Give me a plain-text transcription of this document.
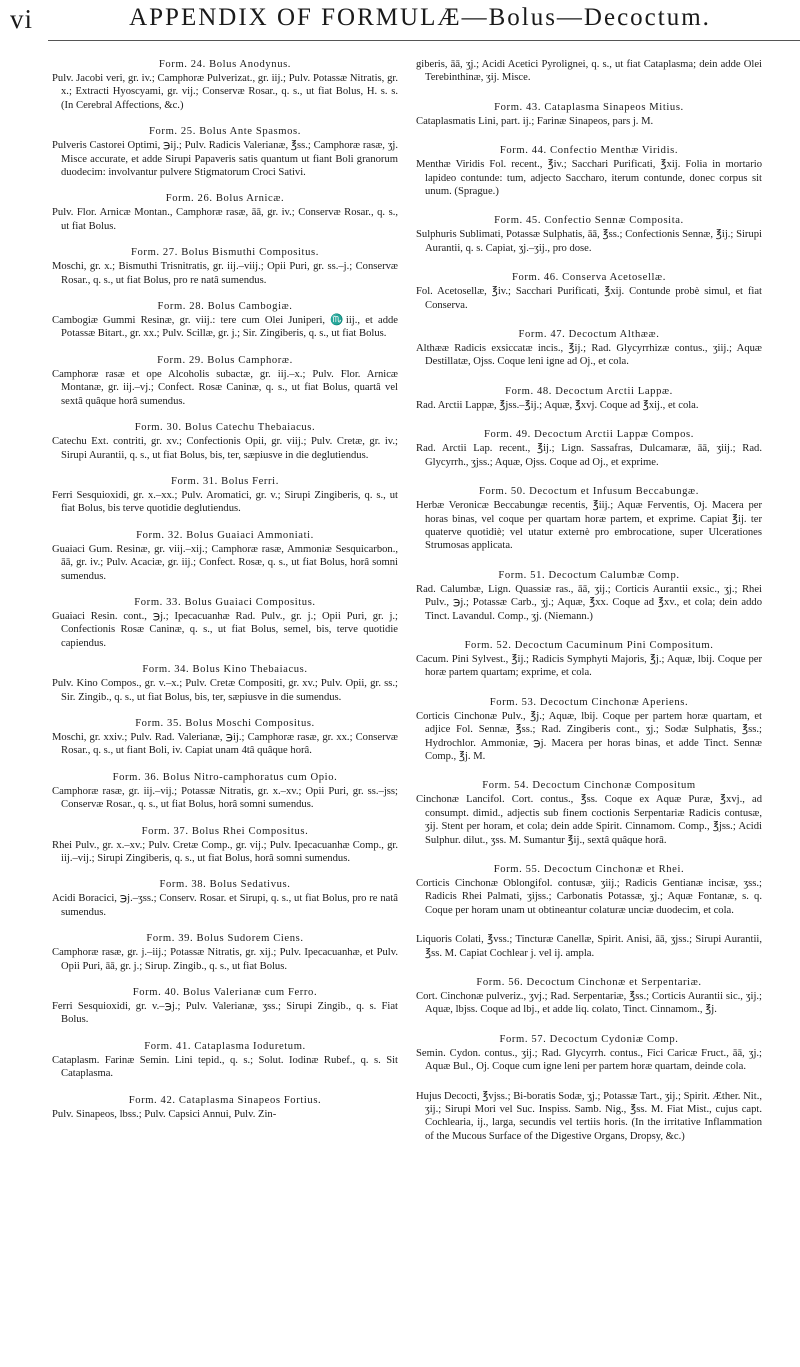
vi	APPENDIX OF FORMULÆ—Bolus—Decoctum.
Form. 24. Bolus Anodynus.

Pulv. Jacobi veri, gr. iv.; Camphoræ Pulverizat., gr. iij.; Pulv. Potassæ Nitratis, gr. x.; Extracti Hyoscyami, gr. vij.; Conservæ Rosar., q. s., ut fiat Bolus, H. s. s. (In Cerebral Affections, &c.)

Form. 25. Bolus Ante Spasmos.

Pulveris Castorei Optimi, ℈ij.; Pulv. Radicis Valerianæ, ℥ss.; Camphoræ rasæ, ʒj. Misce accurate, et adde Sirupi Papaveris satis quantum ut fiant Boli granorum duodecim: involvantur pulvere Stigmatorum Croci Sativi.

Form. 26. Bolus Arnicæ.

Pulv. Flor. Arnicæ Montan., Camphoræ rasæ, āā, gr. iv.; Conservæ Rosar., q. s., ut fiat Bolus.

Form. 27. Bolus Bismuthi Compositus.

Moschi, gr. x.; Bismuthi Trisnitratis, gr. iij.–viij.; Opii Puri, gr. ss.–j.; Conservæ Rosar., q. s., ut fiat Bolus, pro re natâ sumendus.

Form. 28. Bolus Cambogiæ.

Cambogiæ Gummi Resinæ, gr. viij.: tere cum Olei Juniperi, ♏iij., et adde Potassæ Bitart., gr. xx.; Pulv. Scillæ, gr. j.; Sir. Zingiberis, q. s., ut fiat Bolus.

Form. 29. Bolus Camphoræ.

Camphoræ rasæ et ope Alcoholis subactæ, gr. iij.–x.; Pulv. Flor. Arnicæ Montanæ, gr. iij.–vj.; Confect. Rosæ Caninæ, q. s., ut fiat Bolus, quartâ vel sextâ quâque horâ sumendus.

Form. 30. Bolus Catechu Thebaiacus.

Catechu Ext. contriti, gr. xv.; Confectionis Opii, gr. viij.; Pulv. Cretæ, gr. iv.; Sirupi Aurantii, q. s., ut fiat Bolus, bis, ter, sæpiusve in die deglutiendus.

Form. 31. Bolus Ferri.

Ferri Sesquioxidi, gr. x.–xx.; Pulv. Aromatici, gr. v.; Sirupi Zingiberis, q. s., ut fiat Bolus, bis terve quotidie deglutiendus.

Form. 32. Bolus Guaiaci Ammoniati.

Guaiaci Gum. Resinæ, gr. viij.–xij.; Camphoræ rasæ, Ammoniæ Sesquicarbon., āā, gr. iv.; Pulv. Acaciæ, gr. iij.; Confect. Rosæ, q. s., ut fiat Bolus, horâ somni sumendus.

Form. 33. Bolus Guaiaci Compositus.

Guaiaci Resin. cont., ℈j.; Ipecacuanhæ Rad. Pulv., gr. j.; Opii Puri, gr. j.; Confectionis Rosæ Caninæ, q. s., ut fiat Bolus, semel, bis, terve quotidie capiendus.

Form. 34. Bolus Kino Thebaiacus.

Pulv. Kino Compos., gr. v.–x.; Pulv. Cretæ Compositi, gr. xv.; Pulv. Opii, gr. ss.; Sir. Zingib., q. s., ut fiat Bolus, bis, ter, sæpiusve in die sumendus.

Form. 35. Bolus Moschi Compositus.

Moschi, gr. xxiv.; Pulv. Rad. Valerianæ, ℈ij.; Camphoræ rasæ, gr. xx.; Conservæ Rosar., q. s., ut fiant Boli, iv. Capiat unam 4tâ quâque horâ.

Form. 36. Bolus Nitro-camphoratus cum Opio.

Camphoræ rasæ, gr. iij.–vij.; Potassæ Nitratis, gr. x.–xv.; Opii Puri, gr. ss.–jss; Conservæ Rosar., q. s., ut fiat Bolus, horâ somni sumendus.

Form. 37. Bolus Rhei Compositus.

Rhei Pulv., gr. x.–xv.; Pulv. Cretæ Comp., gr. vij.; Pulv. Ipecacuanhæ Comp., gr. iij.–vij.; Sirupi Zingiberis, q. s., ut fiat Bolus, horâ somni sumendus.

Form. 38. Bolus Sedativus.

Acidi Boracici, ℈j.–ʒss.; Conserv. Rosar. et Sirupi, q. s., ut fiat Bolus, pro re natâ sumendus.

Form. 39. Bolus Sudorem Ciens.

Camphoræ rasæ, gr. j.–iij.; Potassæ Nitratis, gr. xij.; Pulv. Ipecacuanhæ, et Pulv. Opii Puri, āā, gr. j.; Sirup. Zingib., q. s., ut fiat Bolus.

Form. 40. Bolus Valerianæ cum Ferro.

Ferri Sesquioxidi, gr. v.–℈j.; Pulv. Valerianæ, ʒss.; Sirupi Zingib., q. s. Fiat Bolus.

Form. 41. Cataplasma Ioduretum.

Cataplasm. Farinæ Semin. Lini tepid., q. s.; Solut. Iodinæ Rubef., q. s. Sit Cataplasma.

Form. 42. Cataplasma Sinapeos Fortius.

Pulv. Sinapeos, lbss.; Pulv. Capsici Annui, Pulv. Zin-

giberis, āā, ʒj.; Acidi Acetici Pyrolignei, q. s., ut fiat Cataplasma; dein adde Olei Terebinthinæ, ʒij. Misce.

Form. 43. Cataplasma Sinapeos Mitius.

Cataplasmatis Lini, part. ij.; Farinæ Sinapeos, pars j. M.

Form. 44. Confectio Menthæ Viridis.

Menthæ Viridis Fol. recent., ℥iv.; Sacchari Purificati, ℥xij. Folia in mortario lapideo contunde: tum, adjecto Saccharo, iterum contunde, donec corpus sit unum. (Sprague.)

Form. 45. Confectio Sennæ Composita.

Sulphuris Sublimati, Potassæ Sulphatis, āā, ℥ss.; Confectionis Sennæ, ℥ij.; Sirupi Aurantii, q. s. Capiat, ʒj.–ʒij., pro dose.

Form. 46. Conserva Acetosellæ.

Fol. Acetosellæ, ℥iv.; Sacchari Purificati, ℥xij. Contunde probè simul, et fiat Conserva.

Form. 47. Decoctum Althææ.

Althææ Radicis exsiccatæ incis., ℥ij.; Rad. Glycyrrhizæ contus., ʒiij.; Aquæ Destillatæ, Ojss. Coque leni igne ad Oj., et cola.

Form. 48. Decoctum Arctii Lappæ.

Rad. Arctii Lappæ, ℥jss.–℥ij.; Aquæ, ℥xvj. Coque ad ℥xij., et cola.

Form. 49. Decoctum Arctii Lappæ Compos.

Rad. Arctii Lap. recent., ℥ij.; Lign. Sassafras, Dulcamaræ, āā, ʒiij.; Rad. Glycyrrh., ʒjss.; Aquæ, Ojss. Coque ad Oj., et exprime.

Form. 50. Decoctum et Infusum Beccabungæ.

Herbæ Veronicæ Beccabungæ recentis, ℥iij.; Aquæ Ferventis, Oj. Macera per horas binas, vel coque per quartam horæ partem, et exprime. Capiat ℥ij. ter quaterve quotidiè; vel utatur externè pro embrocatione, super Ulcerationes Strumosas applicata.

Form. 51. Decoctum Calumbæ Comp.

Rad. Calumbæ, Lign. Quassiæ ras., āā, ʒij.; Corticis Aurantii exsic., ʒj.; Rhei Pulv., ℈j.; Potassæ Carb., ʒj.; Aquæ, ℥xx. Coque ad ℥xv., et cola; dein addo Tinct. Lavandul. Comp., ʒj. (Niemann.)

Form. 52. Decoctum Cacuminum Pini Compositum.

Cacum. Pini Sylvest., ℥ij.; Radicis Symphyti Majoris, ℥j.; Aquæ, lbij. Coque per horæ partem quartam; exprime, et cola.

Form. 53. Decoctum Cinchonæ Aperiens.

Corticis Cinchonæ Pulv., ℥j.; Aquæ, lbij. Coque per partem horæ quartam, et adjice Fol. Sennæ, ℥ss.; Rad. Zingiberis cont., ʒj.; Sodæ Sulphatis, ℥ss.; Hydrochlor. Ammoniæ, ℈j. Macera per horas binas, et adde Tinct. Sennæ Comp., ℥j. M.

Form. 54. Decoctum Cinchonæ Compositum

Cinchonæ Lancifol. Cort. contus., ℥ss. Coque ex Aquæ Puræ, ℥xvj., ad consumpt. dimid., adjectis sub finem coctionis Serpentariæ Radicis contusæ, ʒij. Stent per horam, et cola; dein adde Spirit. Cinnamom. Comp., ℥jss.; Acidi Sulphur. dilut., ʒss. M. Sumantur ℥ij., sextâ quâque horâ.

Form. 55. Decoctum Cinchonæ et Rhei.

Corticis Cinchonæ Oblongifol. contusæ, ʒiij.; Radicis Gentianæ incisæ, ʒss.; Radicis Rhei Palmati, ʒijss.; Carbonatis Potassæ, ʒj.; Aquæ Fontanæ, s. q. Coque per horam unam ut obtineantur colaturæ unciæ duodecim, et cola.

Liquoris Colati, ℥vss.; Tincturæ Canellæ, Spirit. Anisi, āā, ʒjss.; Sirupi Aurantii, ℥ss. M. Capiat Cochlear j. vel ij. ampla.

Form. 56. Decoctum Cinchonæ et Serpentariæ.

Cort. Cinchonæ pulveriz., ʒvj.; Rad. Serpentariæ, ℥ss.; Corticis Aurantii sic., ʒij.; Aquæ, lbjss. Coque ad lbj., et adde liq. colato, Tinct. Cinnamom., ℥j.

Form. 57. Decoctum Cydoniæ Comp.

Semin. Cydon. contus., ʒij.; Rad. Glycyrrh. contus., Fici Caricæ Fruct., āā, ʒj.; Aquæ Bul., Oj. Coque cum igne leni per partem horæ quartam, deinde cola.

Hujus Decocti, ℥vjss.; Bi-boratis Sodæ, ʒj.; Potassæ Tart., ʒij.; Spirit. Æther. Nit., ʒij.; Sirupi Mori vel Suc. Inspiss. Samb. Nig., ℥ss. M. Fiat Mist., cujus capt. Cochlearia, ij., larga, secundis vel tertiis horis. (In the irritative Inflammation of the Mucous Surface of the Digestive Organs, Dropsy, &c.)
